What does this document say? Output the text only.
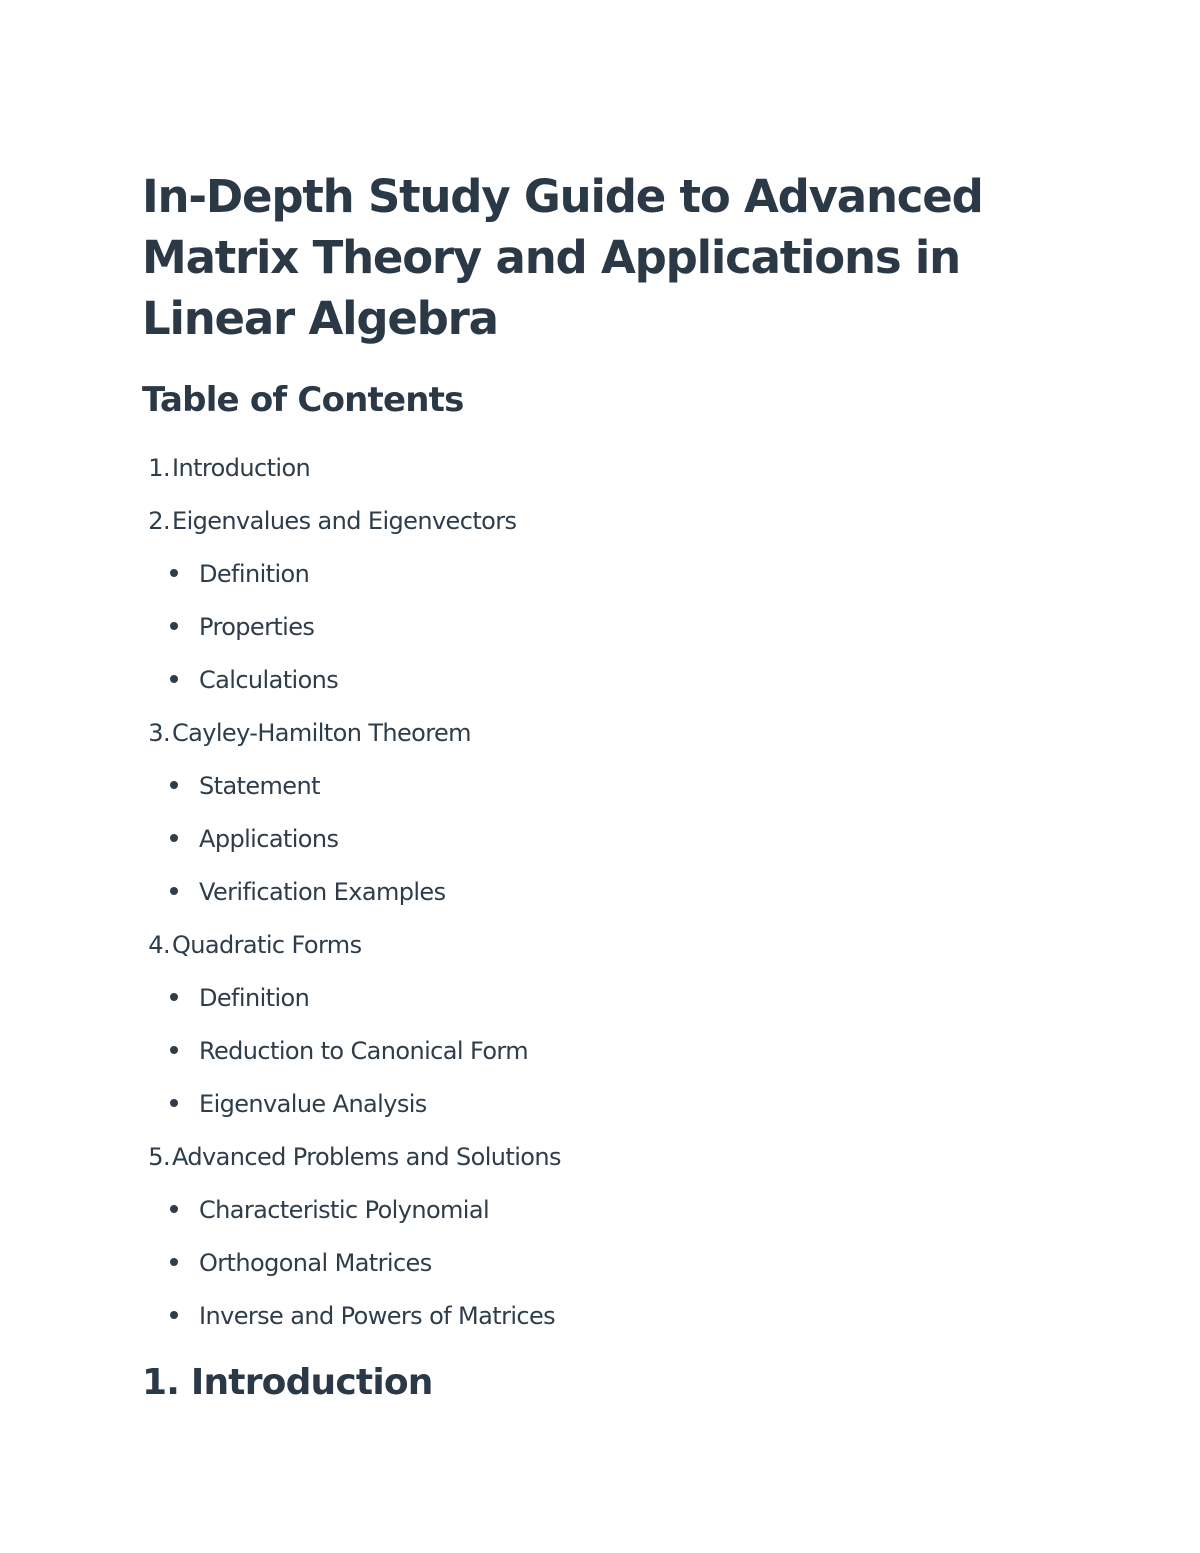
In-Depth Study Guide to Advanced Matrix Theory and Applications in Linear Algebra
Table of Contents
1.Introduction
2.Eigenvalues and Eigenvectors
Definition
Properties
Calculations
3.Cayley-Hamilton Theorem
Statement
Applications
Verification Examples
4.Quadratic Forms
Definition
Reduction to Canonical Form
Eigenvalue Analysis
5.Advanced Problems and Solutions
Characteristic Polynomial
Orthogonal Matrices
Inverse and Powers of Matrices
1. Introduction
